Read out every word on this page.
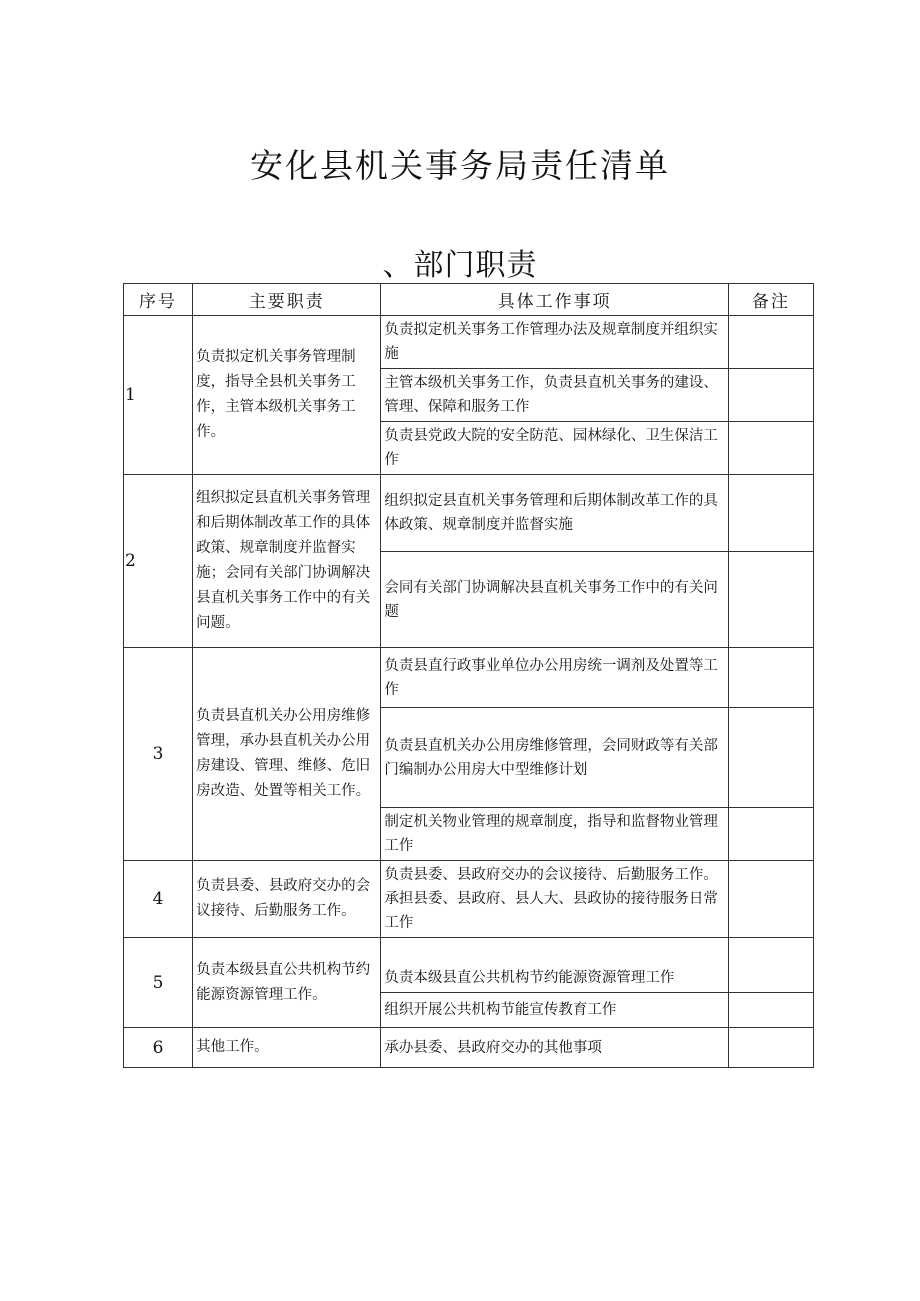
安化县机关事务局责任清单
、部门职责
序号	主要职责	具体工作事项	备注
1	负责拟定机关事务管理制度，指导全县机关事务工作，主管本级机关事务工作。	负责拟定机关事务工作管理办法及规章制度并组织实施	
		主管本级机关事务工作，负责县直机关事务的建设、管理、保障和服务工作	
		负责县党政大院的安全防范、园林绿化、卫生保洁工作	
2	组织拟定县直机关事务管理和后期体制改革工作的具体政策、规章制度并监督实施；会同有关部门协调解决县直机关事务工作中的有关问题。	组织拟定县直机关事务管理和后期体制改革工作的具体政策、规章制度并监督实施	
		会同有关部门协调解决县直机关事务工作中的有关问题	
3	负责县直机关办公用房维修管理，承办县直机关办公用房建设、管理、维修、危旧房改造、处置等相关工作。	负责县直行政事业单位办公用房统一调剂及处置等工作	
		负责县直机关办公用房维修管理，会同财政等有关部门编制办公用房大中型维修计划	
		制定机关物业管理的规章制度，指导和监督物业管理工作	
4	负责县委、县政府交办的会议接待、后勤服务工作。	负责县委、县政府交办的会议接待、后勤服务工作。承担县委、县政府、县人大、县政协的接待服务日常工作	
5	负责本级县直公共机构节约能源资源管理工作。	负责本级县直公共机构节约能源资源管理工作	
		组织开展公共机构节能宣传教育工作	
6	其他工作。	承办县委、县政府交办的其他事项	
